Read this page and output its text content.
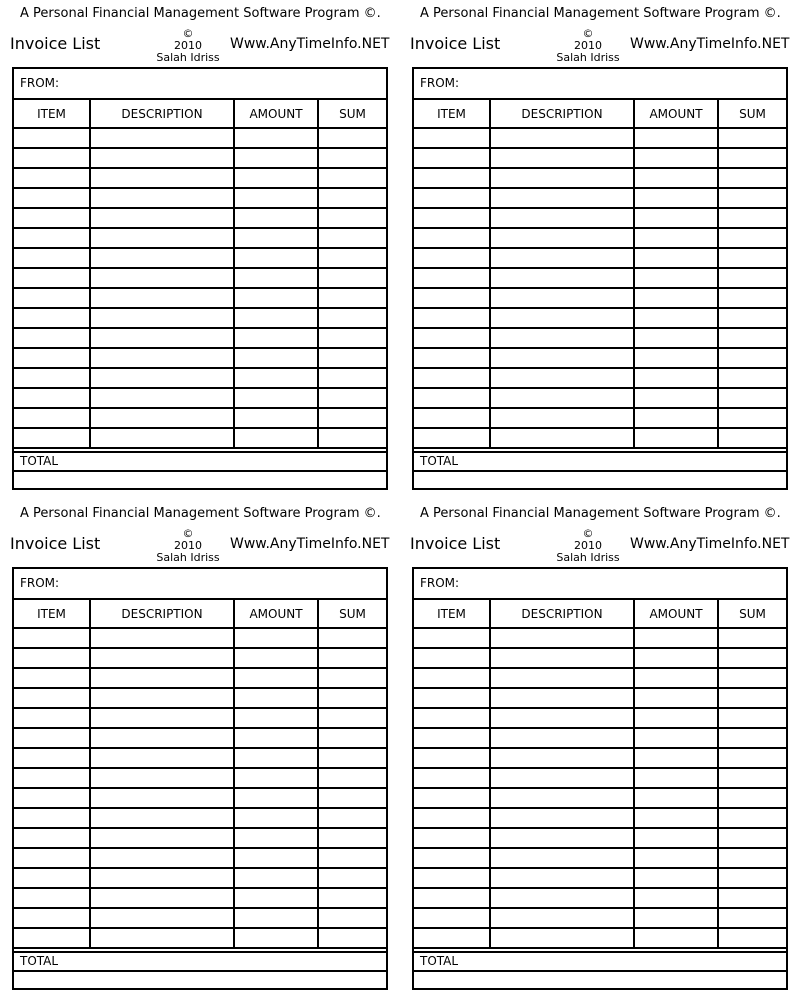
A Personal Financial Management Software Program ©.
Invoice List
©
2010
Salah Idriss
Www.AnyTimeInfo.NET
FROM:
ITEM	DESCRIPTION	AMOUNT	SUM

TOTAL
A Personal Financial Management Software Program ©.
Invoice List
©
2010
Salah Idriss
Www.AnyTimeInfo.NET
FROM:
ITEM	DESCRIPTION	AMOUNT	SUM

TOTAL
A Personal Financial Management Software Program ©.
Invoice List
©
2010
Salah Idriss
Www.AnyTimeInfo.NET
FROM:
ITEM	DESCRIPTION	AMOUNT	SUM

TOTAL
A Personal Financial Management Software Program ©.
Invoice List
©
2010
Salah Idriss
Www.AnyTimeInfo.NET
FROM:
ITEM	DESCRIPTION	AMOUNT	SUM

TOTAL
